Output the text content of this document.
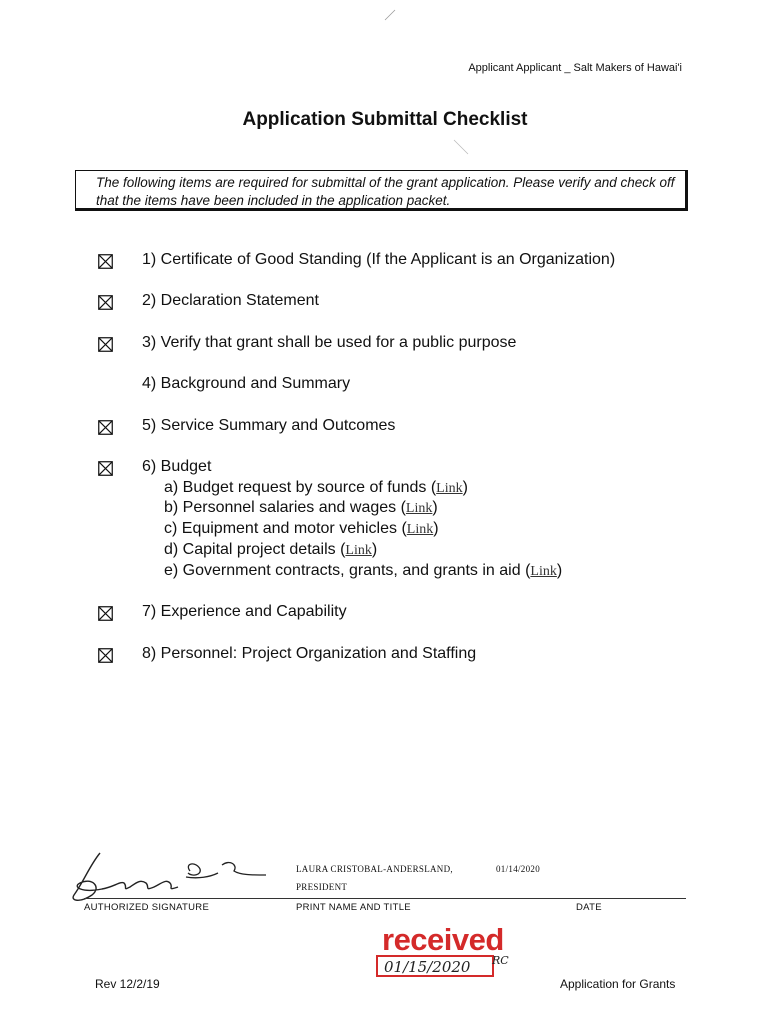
Applicant Applicant _ Salt Makers of Hawai'i
Application Submittal Checklist
The following items are required for submittal of the grant application. Please verify and check off that the items have been included in the application packet.
1) Certificate of Good Standing (If the Applicant is an Organization)
2) Declaration Statement
3) Verify that grant shall be used for a public purpose
4) Background and Summary
5) Service Summary and Outcomes
6) Budget
7) Experience and Capability
8) Personnel: Project Organization and Staffing
a) Budget request by source of funds (Link)
b) Personnel salaries and wages (Link)
c) Equipment and motor vehicles (Link)
d) Capital project details (Link)
e) Government contracts, grants, and grants in aid (Link)
LAURA CRISTOBAL-ANDERSLAND,
PRESIDENT
01/14/2020
AUTHORIZED SIGNATURE	PRINT NAME AND TITLE	DATE
received
01/15/2020 RC
Rev 12/2/19	Application for Grants
